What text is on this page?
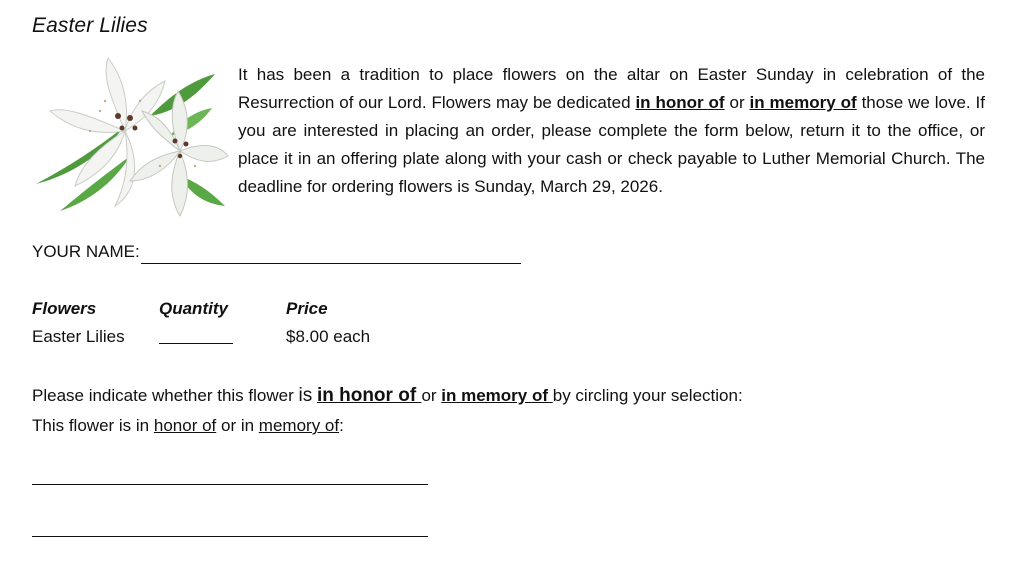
Easter Lilies

It has been a tradition to place flowers on the altar on Easter Sunday in celebration of the Resurrection of our Lord. Flowers may be dedicated in honor of or in memory of those we love. If you are interested in placing an order, please complete the form below, return it to the office, or place it in an offering plate along with your cash or check payable to Luther Memorial Church. The deadline for ordering flowers is Sunday, March 29, 2026.

YOUR NAME:
Flowers
Easter Lilies
Quantity	Price
$8.00 each
Please indicate whether this flower is in honor of or in memory of by circling your selection:
This flower is in honor of or in memory of:
